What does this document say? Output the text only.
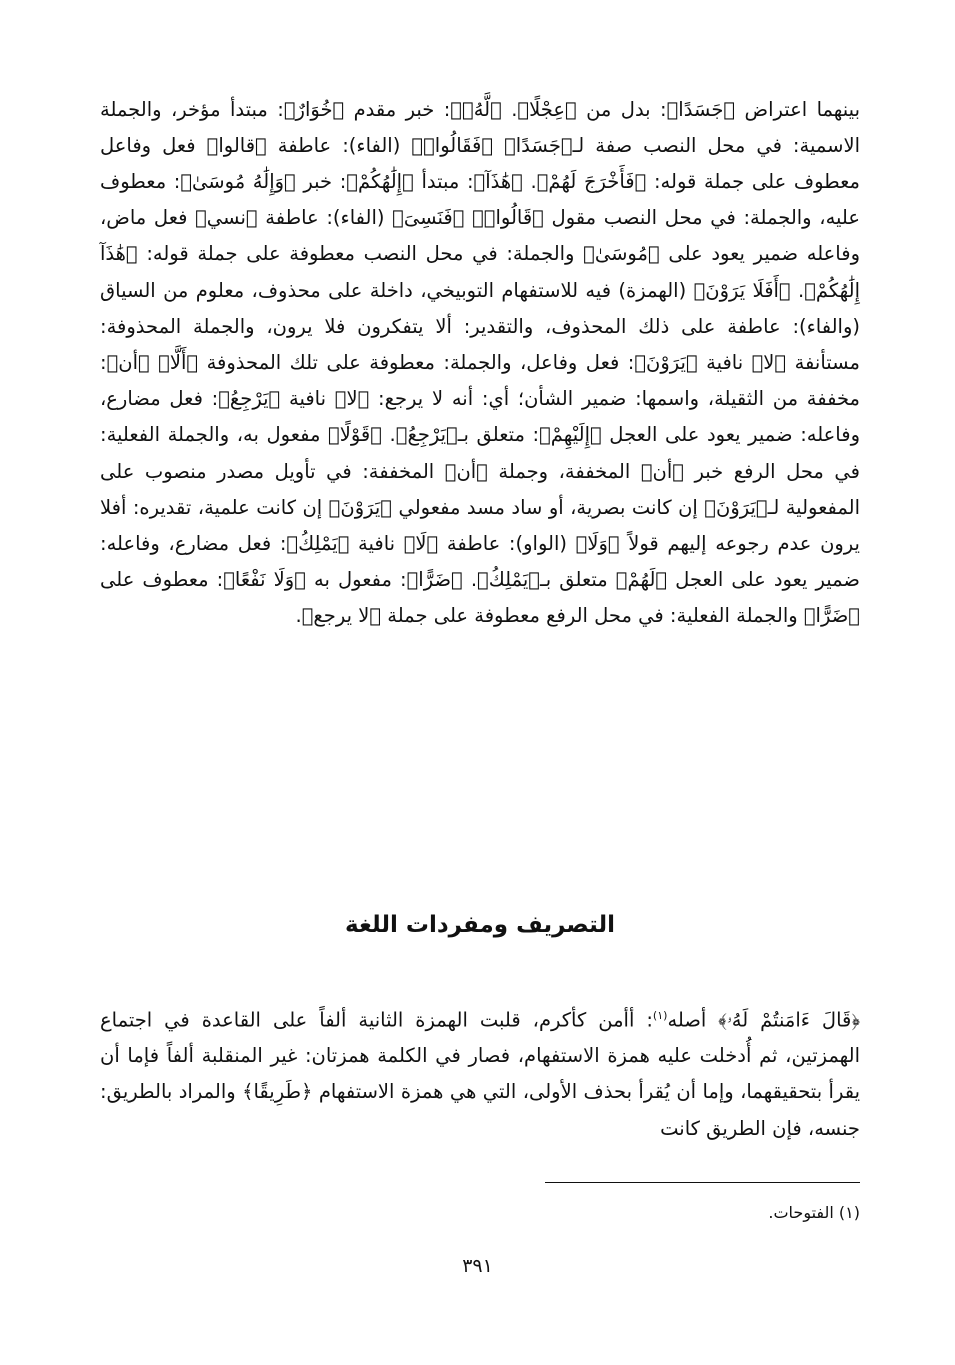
بينهما اعتراض ﴿جَسَدًا﴾: بدل من ﴿عِجْلًا﴾. ﴿لَّهُۥ﴾: خبر مقدم ﴿خُوَارٌ﴾: مبتدأ مؤخر، والجملة الاسمية: في محل النصب صفة لـ﴿جَسَدًا﴾ ﴿فَقَالُوا۟﴾ (الفاء): عاطفة ﴿قالوا﴾ فعل وفاعل معطوف على جملة قوله: ﴿فَأَخْرَجَ لَهُمْ﴾. ﴿هَٰذَآ﴾: مبتدأ ﴿إِلَٰهُكُمْ﴾: خبر ﴿وَإِلَٰهُ مُوسَىٰ﴾: معطوف عليه، والجملة: في محل النصب مقول ﴿قَالُوا۟﴾ ﴿فَنَسِىَ﴾ (الفاء): عاطفة ﴿نسي﴾ فعل ماض، وفاعله ضمير يعود على ﴿مُوسَىٰ﴾ والجملة: في محل النصب معطوفة على جملة قوله: ﴿هَٰذَآ إِلَٰهُكُمْ﴾. ﴿أَفَلَا يَرَوْنَ﴾ (الهمزة) فيه للاستفهام التوبيخي، داخلة على محذوف، معلوم من السياق (والفاء): عاطفة على ذلك المحذوف، والتقدير: ألا يتفكرون فلا يرون، والجملة المحذوفة: مستأنفة ﴿لا﴾ نافية ﴿يَرَوْنَ﴾: فعل وفاعل، والجملة: معطوفة على تلك المحذوفة ﴿أَلَّا﴾ ﴿أن﴾: مخففة من الثقيلة، واسمها: ضمير الشأن؛ أي: أنه لا يرجع: ﴿لا﴾ نافية ﴿يَرْجِعُ﴾: فعل مضارع، وفاعله: ضمير يعود على العجل ﴿إِلَيْهِمْ﴾: متعلق بـ﴿يَرْجِعُ﴾. ﴿قَوْلًا﴾ مفعول به، والجملة الفعلية: في محل الرفع خبر ﴿أن﴾ المخففة، وجملة ﴿أن﴾ المخففة: في تأويل مصدر منصوب على المفعولية لـ﴿يَرَوْنَ﴾ إن كانت بصرية، أو ساد مسد مفعولي ﴿يَرَوْنَ﴾ إن كانت علمية، تقديره: أفلا يرون عدم رجوعه إليهم قولاً ﴿وَلَا﴾ (الواو): عاطفة ﴿لَا﴾ نافية ﴿يَمْلِكُ﴾: فعل مضارع، وفاعله: ضمير يعود على العجل ﴿لَهُمْ﴾ متعلق بـ﴿يَمْلِكُ﴾. ﴿ضَرًّا﴾: مفعول به ﴿وَلَا نَفْعًا﴾: معطوف على ﴿ضَرًّا﴾ والجملة الفعلية: في محل الرفع معطوفة على جملة ﴿لا يرجع﴾.

التصريف ومفردات اللغة

﴿قَالَ ءَامَنتُمْ لَهُۥ﴾ أصله$^{(١)}$: أأمن كأكرم، قلبت الهمزة الثانية ألفاً على القاعدة في اجتماع الهمزتين، ثم أُدخلت عليه همزة الاستفهام، فصار في الكلمة همزتان: غير المنقلبة ألفاً فإما أن يقرأ بتحقيقهما، وإما أن يُقرأ بحذف الأولى، التي هي همزة الاستفهام ﴿طَرِيقًا﴾ والمراد بالطريق: جنسه، فإن الطريق كانت

(١) الفتوحات.
٣٩١
